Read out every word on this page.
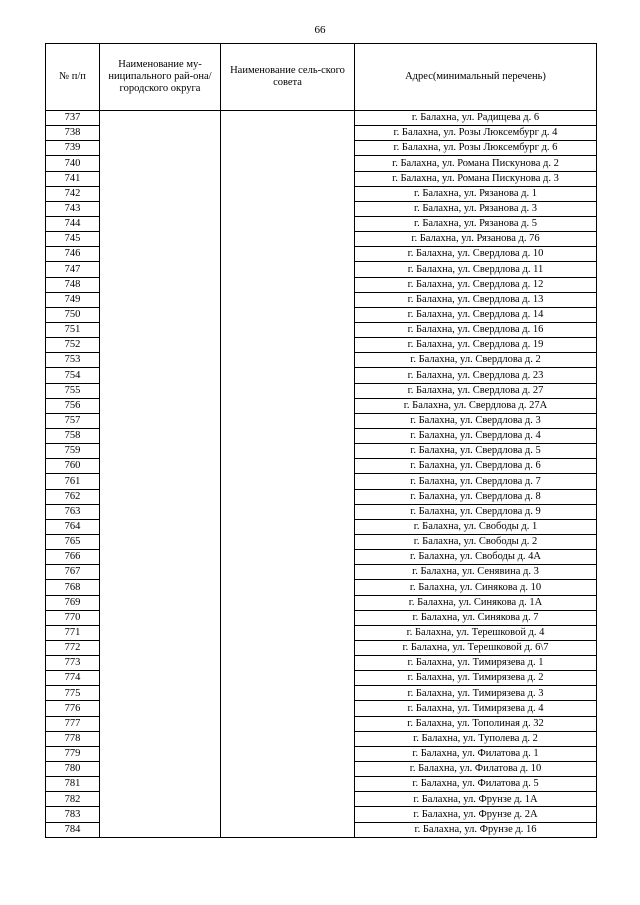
66
№ п/п	Наименование му-ниципального рай-она/ городского округа	Наименование сель-ского совета	Адрес(минимальный перечень)
737			г. Балахна, ул. Радищева д. 6
738			г. Балахна, ул. Розы Люксембург д. 4
739			г. Балахна, ул. Розы Люксембург д. 6
740			г. Балахна, ул. Романа Пискунова д. 2
741			г. Балахна, ул. Романа Пискунова д. 3
742			г. Балахна, ул. Рязанова д. 1
743			г. Балахна, ул. Рязанова д. 3
744			г. Балахна, ул. Рязанова д. 5
745			г. Балахна, ул. Рязанова д. 76
746			г. Балахна, ул. Свердлова д. 10
747			г. Балахна, ул. Свердлова д. 11
748			г. Балахна, ул. Свердлова д. 12
749			г. Балахна, ул. Свердлова д. 13
750			г. Балахна, ул. Свердлова д. 14
751			г. Балахна, ул. Свердлова д. 16
752			г. Балахна, ул. Свердлова д. 19
753			г. Балахна, ул. Свердлова д. 2
754			г. Балахна, ул. Свердлова д. 23
755			г. Балахна, ул. Свердлова д. 27
756			г. Балахна, ул. Свердлова д. 27А
757			г. Балахна, ул. Свердлова д. 3
758			г. Балахна, ул. Свердлова д. 4
759			г. Балахна, ул. Свердлова д. 5
760			г. Балахна, ул. Свердлова д. 6
761			г. Балахна, ул. Свердлова д. 7
762			г. Балахна, ул. Свердлова д. 8
763			г. Балахна, ул. Свердлова д. 9
764			г. Балахна, ул. Свободы д. 1
765			г. Балахна, ул. Свободы д. 2
766			г. Балахна, ул. Свободы д. 4А
767			г. Балахна, ул. Сенявина д. 3
768			г. Балахна, ул. Синякова д. 10
769			г. Балахна, ул. Синякова д. 1А
770			г. Балахна, ул. Синякова д. 7
771			г. Балахна, ул. Терешковой д. 4
772			г. Балахна, ул. Терешковой д. 6\7
773			г. Балахна, ул. Тимирязева д. 1
774			г. Балахна, ул. Тимирязева д. 2
775			г. Балахна, ул. Тимирязева д. 3
776			г. Балахна, ул. Тимирязева д. 4
777			г. Балахна, ул. Тополиная д. 32
778			г. Балахна, ул. Туполева д. 2
779			г. Балахна, ул. Филатова д. 1
780			г. Балахна, ул. Филатова д. 10
781			г. Балахна, ул. Филатова д. 5
782			г. Балахна, ул. Фрунзе д. 1А
783			г. Балахна, ул. Фрунзе д. 2А
784			г. Балахна, ул. Фрунзе д. 16
